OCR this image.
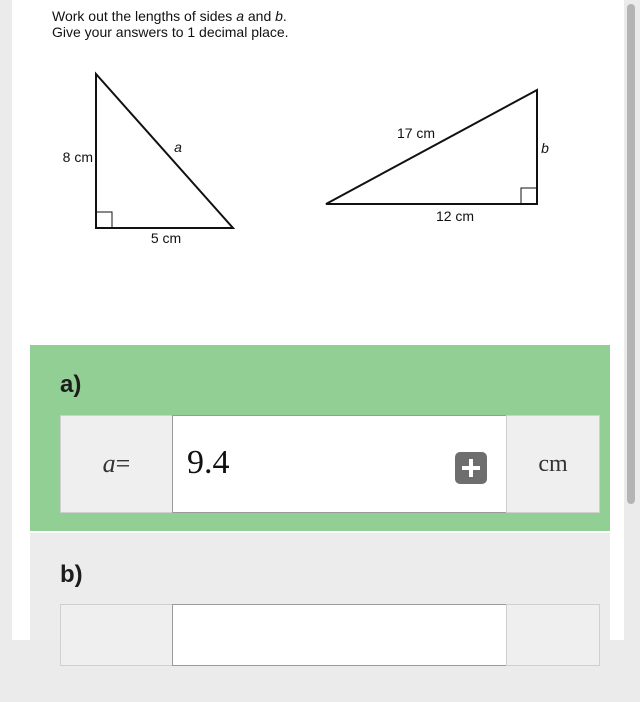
Work out the lengths of sides a and b.
Give your answers to 1 decimal place.
8 cm
5 cm
a
17 cm
b
12 cm
a)
a = 9.4	cm
b)
